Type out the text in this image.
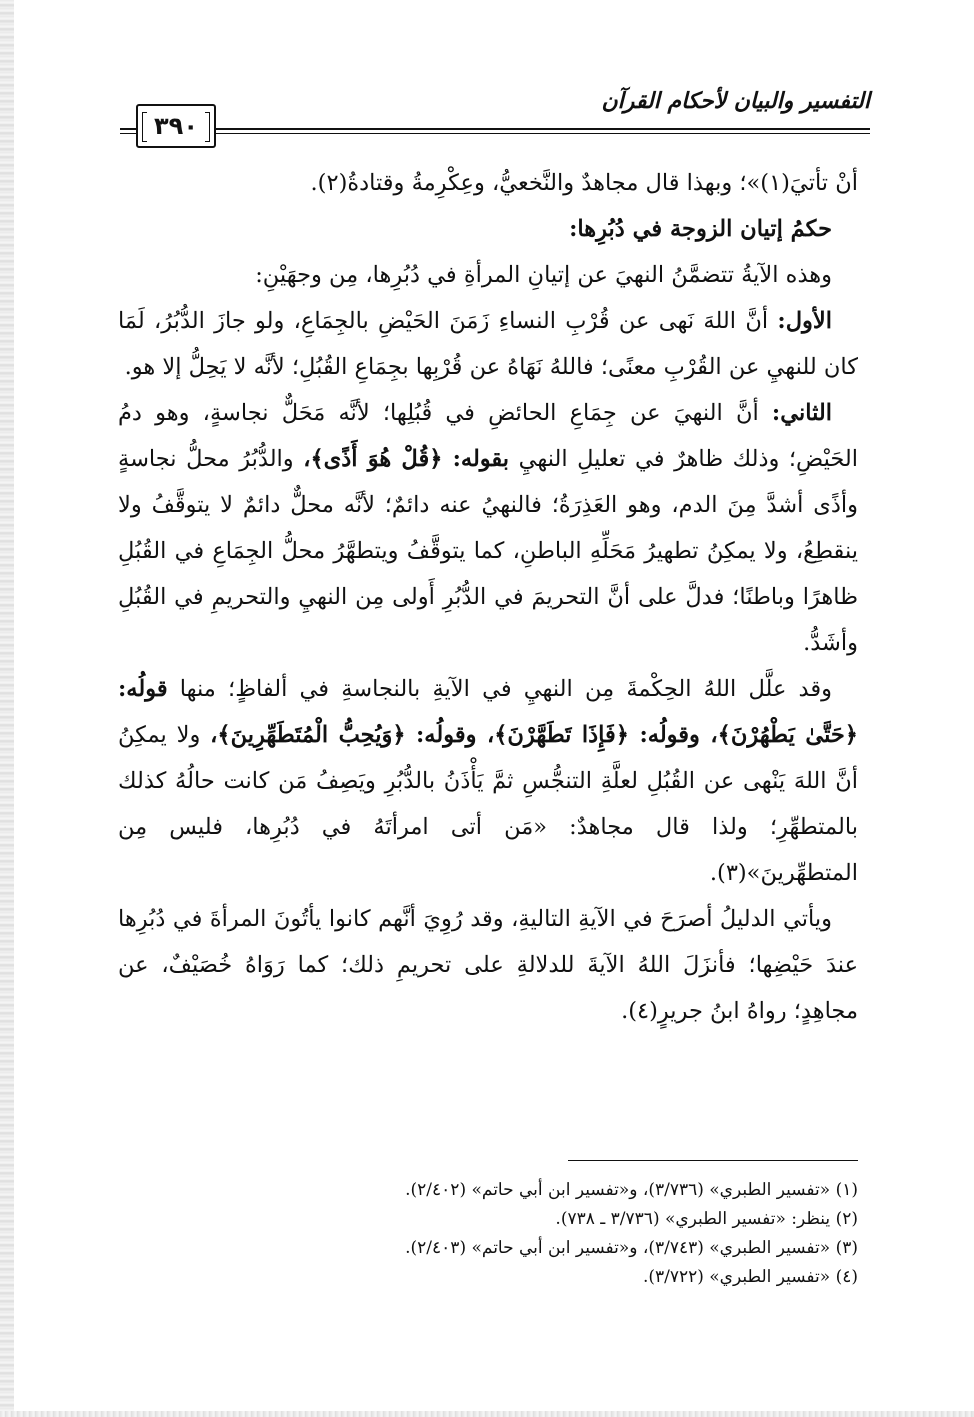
٣٩٠
التفسير والبيان لأحكام القرآن

أنْ تأتيَ(١)»؛ وبهذا قال مجاهدٌ والنَّخعيُّ، وعِكْرِمةُ وقتادةُ(٢).

حكمُ إتيان الزوجة في دُبُرِها:

وهذه الآيةُ تتضمَّنُ النهيَ عن إتيانِ المرأةِ في دُبُرِها، مِن وجهَيْنِ:

الأول: أنَّ اللهَ نَهى عن قُرْبِ النساءِ زَمَنَ الحَيْضِ بالجِمَاعِ، ولو جازَ الدُّبُرُ، لَمَا كان للنهيِ عن القُرْبِ معنًى؛ فاللهُ نَهَاهُ عن قُرْبِها بجِمَاعِ القُبُلِ؛ لأنَّه لا يَحِلُّ إلا هو.

الثاني: أنَّ النهيَ عن جِمَاعِ الحائضِ في قُبُلِها؛ لأنَّه مَحَلٌّ نجاسةٍ، وهو دمُ الحَيْضِ؛ وذلك ظاهرٌ في تعليلِ النهيِ بقوله: ﴿قُلْ هُوَ أَذًى﴾، والدُّبُرُ محلُّ نجاسةٍ وأذًى أشدَّ مِنَ الدم، وهو العَذِرَةُ؛ فالنهيُ عنه دائمٌ؛ لأنَّه محلٌّ دائمٌ لا يتوقَّفُ ولا ينقطِعُ، ولا يمكِنُ تطهيرُ مَحَلِّهِ الباطنِ، كما يتوقَّفُ ويتطهَّرُ محلُّ الجِمَاعِ في القُبُلِ ظاهرًا وباطنًا؛ فدلَّ على أنَّ التحريمَ في الدُّبُرِ أَولى مِن النهيِ والتحريمِ في القُبُلِ وأشَدُّ.

وقد علَّل اللهُ الحِكْمةَ مِن النهيِ في الآيةِ بالنجاسةِ في ألفاظٍ؛ منها قولُه: ﴿حَتَّىٰ يَطْهُرْنَ﴾، وقولُه: ﴿فَإِذَا تَطَهَّرْنَ﴾، وقولُه: ﴿وَيُحِبُّ الْمُتَطَهِّرِينَ﴾، ولا يمكِنُ أنَّ اللهَ يَنْهى عن القُبُلِ لعلَّةِ التنجُّسِ ثمَّ يَأْذَنُ بالدُّبُرِ ويَصِفُ مَن كانت حالُهُ كذلك بالمتطهِّرِ؛ ولذا قال مجاهدٌ: «مَن أتى امرأتَهُ في دُبُرِها، فليس مِن المتطهِّرينَ»(٣).

ويأتي الدليلُ أصرَحَ في الآيةِ التاليةِ، وقد رُوِيَ أنَّهم كانوا يأتُونَ المرأةَ في دُبُرِها عندَ حَيْضِها؛ فأنزَلَ اللهُ الآيةَ للدلالةِ على تحريمِ ذلك؛ كما رَوَاهُ خُصَيْفٌ، عن مجاهِدٍ؛ رواهُ ابنُ جريرٍ(٤).

(١) «تفسير الطبري» (٣/٧٣٦)، و«تفسير ابن أبي حاتم» (٢/٤٠٢).
(٢) ينظر: «تفسير الطبري» (٣/٧٣٦ ـ ٧٣٨).
(٣) «تفسير الطبري» (٣/٧٤٣)، و«تفسير ابن أبي حاتم» (٢/٤٠٣).
(٤) «تفسير الطبري» (٣/٧٢٢).
